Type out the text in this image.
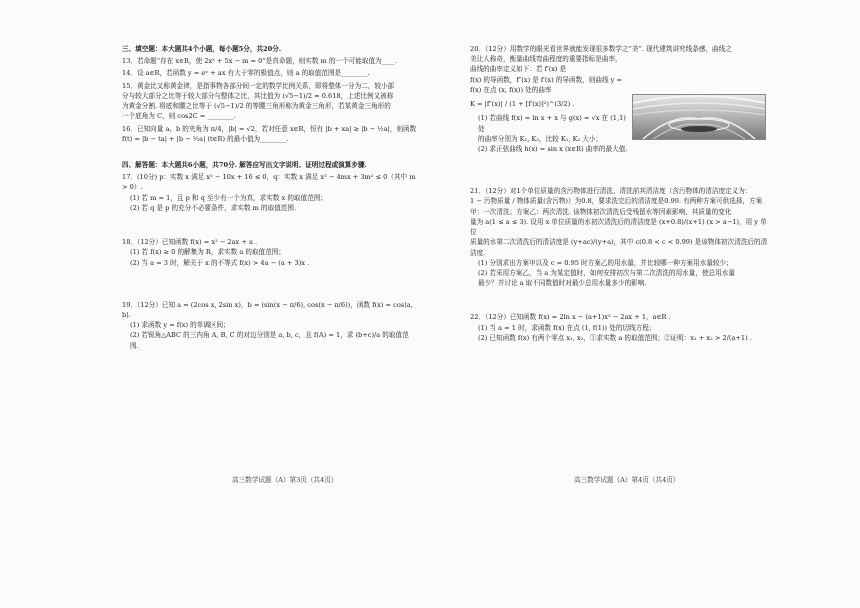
三、填空题：本大题共4个小题，每小题5分，共20分.
13．若命题“存在 x∈R，使 2x² + 5x − m = 0”是真命题，则实数 m 的一个可能取值为____.
14．设 a∈R，若函数 y = eˣ + ax 有大于零的极值点，则 a 的取值范围是________.
15．黄金比又称黄金律，是指事物各部分间一定的数学比例关系，即将整体一分为二，较小部
分与较大部分之比等于较大部分与整体之比，其比值为 (√5−1)/2 ≈ 0.618，上述比例又被称
为黄金分割. 将底和腰之比等于 (√5−1)/2 的等腰三角形称为黄金三角形，若某黄金三角形的
一个底角为 C，则 cos2C = ________.
16．已知向量 a、b 的夹角为 π/4，|b| = √2，若对任意 x∈R，恒有 |b + xa| ≥ |b − ½a|，则函数
f(t) = |b − ta| + |b − ½a| (t∈R) 的最小值为________.
四、解答题：本大题共6小题，共70分. 解答应写出文字说明、证明过程或演算步骤.
17．(10分) p：实数 x 满足 x² − 10x + 16 ≤ 0，q：实数 x 满足 x² − 4mx + 3m² ≤ 0（其中 m > 0）.
(1) 若 m = 1，且 p 和 q 至少有一个为真，求实数 x 的取值范围；
(2) 若 q 是 p 的充分不必要条件，求实数 m 的取值范围.
18．（12分）已知函数 f(x) = x² − 2ax + a .
(1) 若 f(x) ≥ 0 的解集为 R，求实数 a 的取值范围；
(2) 当 a = 3 时，解关于 x 的不等式 f(x) > 4a − (a + 3)x .
19．（12分）已知 a = (2cos x, 2sin x)，b = (sin(x − π/6), cos(x − π/6))，函数 f(x) = cos⟨a, b⟩.
(1) 求函数 y = f(x) 的单调区间；
(2) 若锐角△ABC 的三内角 A, B, C 的对边分别是 a, b, c，且 f(A) = 1，求 (b+c)/a 的取值范
围.
20．（12分）用数学的眼光看世界就能发现很多数学之“美”. 现代建筑讲究线条感，曲线之
美让人称奇，衡量曲线弯曲程度的重要指标是曲率，曲线的曲率定义如下：若 f′(x) 是
f(x) 的导函数，f″(x) 是 f′(x) 的导函数，则曲线 y = f(x) 在点 (x, f(x)) 处的曲率
K = |f″(x)| / (1 + [f′(x)]²)^(3/2) .
(1) 若曲线 f(x) = ln x + x 与 g(x) = √x 在 (1,1) 处
的曲率分别为 K₁, K₂，比较 K₁, K₂ 大小；
(2) 求正弦曲线 h(x) = sin x (x∈R) 曲率的最大值.
21．（12分）对1个单位质量的含污物体进行清洗，清洗前其清洁度（含污物体的清洁度定义为：
1 − 污物质量 / 物体质量(含污物)）为0.8，要求洗完后的清洁度是0.99. 有两种方案可供选择，方案
甲：一次清洗；方案乙：两次清洗. 该物体初次清洗后受残留水等因素影响，其质量的变化
量为 a(1 ≤ a ≤ 3). 设用 x 单位质量的水初次清洗后的清洁度是 (x+0.8)/(x+1) (x > a−1)，用 y 单位
质量的水第二次清洗后的清洁度是 (y+ac)/(y+a)，其中 c(0.8 < c < 0.99) 是该物体初次清洗后的清
洁度.
(1) 分别求出方案甲以及 c = 0.95 时方案乙的用水量，并比较哪一种方案用水量较少；
(2) 若采用方案乙，当 a 为某定值时，如何安排初次与第二次清洗的用水量，使总用水量
最少？并讨论 a 取不同数值时对最少总用水量多少的影响.
22．（12分）已知函数 f(x) = 2ln x − (a+1)x² − 2ax + 1，a∈R .
(1) 当 a = 1 时，求函数 f(x) 在点 (1, f(1)) 处的切线方程；
(2) 已知函数 f(x) 有两个零点 x₁, x₂，①求实数 a 的取值范围；②证明：x₁ + x₂ > 2/(a+1) .
高三数学试题（A）第3页（共4页）	高三数学试题（A）第4页（共4页）
